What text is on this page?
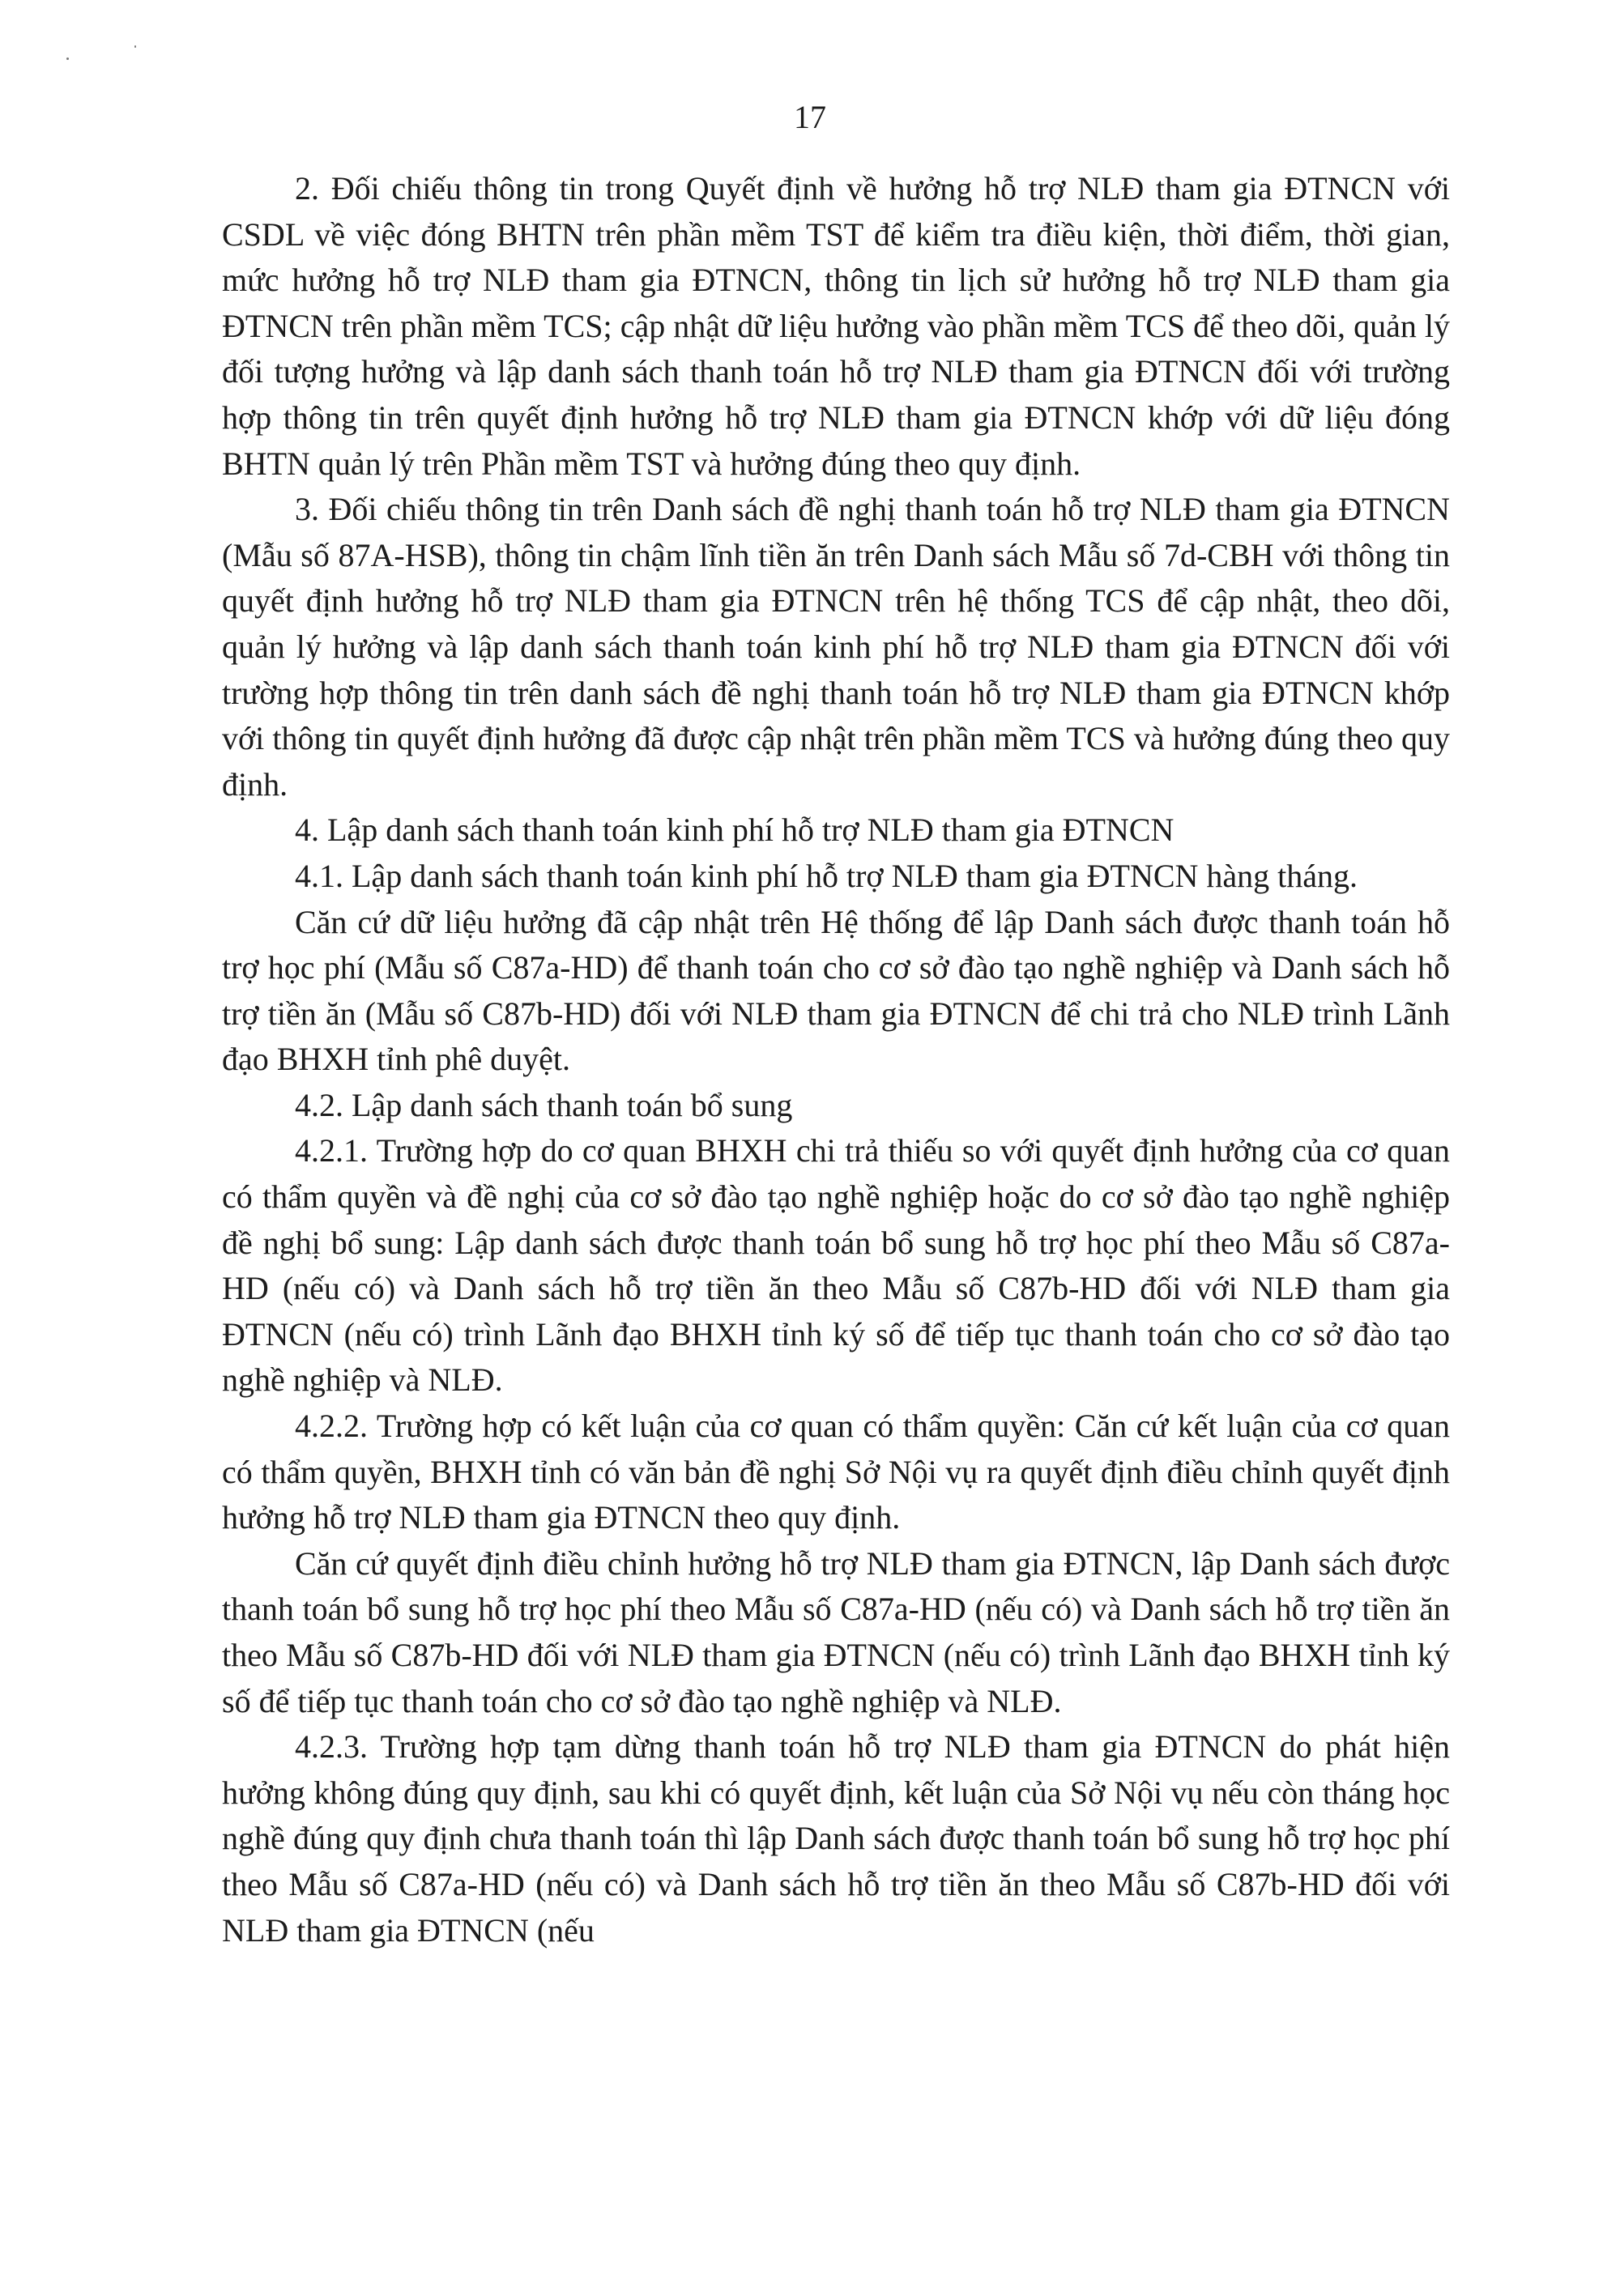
17

2. Đối chiếu thông tin trong Quyết định về hưởng hỗ trợ NLĐ tham gia ĐTNCN với CSDL về việc đóng BHTN trên phần mềm TST để kiểm tra điều kiện, thời điểm, thời gian, mức hưởng hỗ trợ NLĐ tham gia ĐTNCN, thông tin lịch sử hưởng hỗ trợ NLĐ tham gia ĐTNCN trên phần mềm TCS; cập nhật dữ liệu hưởng vào phần mềm TCS để theo dõi, quản lý đối tượng hưởng và lập danh sách thanh toán hỗ trợ NLĐ tham gia ĐTNCN đối với trường hợp thông tin trên quyết định hưởng hỗ trợ NLĐ tham gia ĐTNCN khớp với dữ liệu đóng BHTN quản lý trên Phần mềm TST và hưởng đúng theo quy định.

3. Đối chiếu thông tin trên Danh sách đề nghị thanh toán hỗ trợ NLĐ tham gia ĐTNCN (Mẫu số 87A-HSB), thông tin chậm lĩnh tiền ăn trên Danh sách Mẫu số 7d-CBH với thông tin quyết định hưởng hỗ trợ NLĐ tham gia ĐTNCN trên hệ thống TCS để cập nhật, theo dõi, quản lý hưởng và lập danh sách thanh toán kinh phí hỗ trợ NLĐ tham gia ĐTNCN đối với trường hợp thông tin trên danh sách đề nghị thanh toán hỗ trợ NLĐ tham gia ĐTNCN khớp với thông tin quyết định hưởng đã được cập nhật trên phần mềm TCS và hưởng đúng theo quy định.

4. Lập danh sách thanh toán kinh phí hỗ trợ NLĐ tham gia ĐTNCN

4.1. Lập danh sách thanh toán kinh phí hỗ trợ NLĐ tham gia ĐTNCN hàng tháng.

Căn cứ dữ liệu hưởng đã cập nhật trên Hệ thống để lập Danh sách được thanh toán hỗ trợ học phí (Mẫu số C87a-HD) để thanh toán cho cơ sở đào tạo nghề nghiệp và Danh sách hỗ trợ tiền ăn (Mẫu số C87b-HD) đối với NLĐ tham gia ĐTNCN để chi trả cho NLĐ trình Lãnh đạo BHXH tỉnh phê duyệt.

4.2. Lập danh sách thanh toán bổ sung

4.2.1. Trường hợp do cơ quan BHXH chi trả thiếu so với quyết định hưởng của cơ quan có thẩm quyền và đề nghị của cơ sở đào tạo nghề nghiệp hoặc do cơ sở đào tạo nghề nghiệp đề nghị bổ sung: Lập danh sách được thanh toán bổ sung hỗ trợ học phí theo Mẫu số C87a-HD (nếu có) và Danh sách hỗ trợ tiền ăn theo Mẫu số C87b-HD đối với NLĐ tham gia ĐTNCN (nếu có) trình Lãnh đạo BHXH tỉnh ký số để tiếp tục thanh toán cho cơ sở đào tạo nghề nghiệp và NLĐ.

4.2.2. Trường hợp có kết luận của cơ quan có thẩm quyền: Căn cứ kết luận của cơ quan có thẩm quyền, BHXH tỉnh có văn bản đề nghị Sở Nội vụ ra quyết định điều chỉnh quyết định hưởng hỗ trợ NLĐ tham gia ĐTNCN theo quy định.

Căn cứ quyết định điều chỉnh hưởng hỗ trợ NLĐ tham gia ĐTNCN, lập Danh sách được thanh toán bổ sung hỗ trợ học phí theo Mẫu số C87a-HD (nếu có) và Danh sách hỗ trợ tiền ăn theo Mẫu số C87b-HD đối với NLĐ tham gia ĐTNCN (nếu có) trình Lãnh đạo BHXH tỉnh ký số để tiếp tục thanh toán cho cơ sở đào tạo nghề nghiệp và NLĐ.

4.2.3. Trường hợp tạm dừng thanh toán hỗ trợ NLĐ tham gia ĐTNCN do phát hiện hưởng không đúng quy định, sau khi có quyết định, kết luận của Sở Nội vụ nếu còn tháng học nghề đúng quy định chưa thanh toán thì lập Danh sách được thanh toán bổ sung hỗ trợ học phí theo Mẫu số C87a-HD (nếu có) và Danh sách hỗ trợ tiền ăn theo Mẫu số C87b-HD đối với NLĐ tham gia ĐTNCN (nếu
